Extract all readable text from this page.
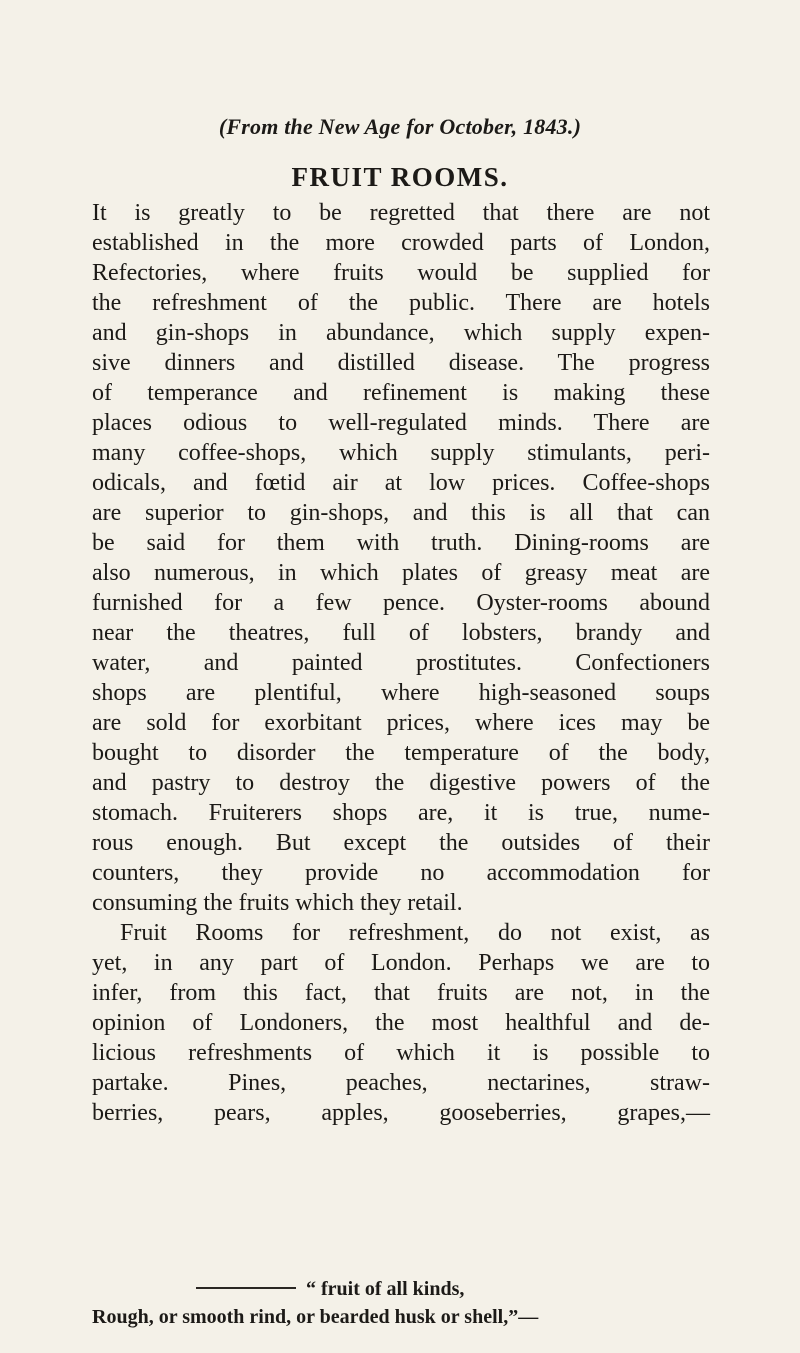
(From the New Age for October, 1843.)
FRUIT ROOMS.
It is greatly to be regretted that there are not
established in the more crowded parts of London,
Refectories, where fruits would be supplied for
the refreshment of the public. There are hotels
and gin-shops in abundance, which supply expen-
sive dinners and distilled disease. The progress
of temperance and refinement is making these
places odious to well-regulated minds. There are
many coffee-shops, which supply stimulants, peri-
odicals, and fœtid air at low prices. Coffee-shops
are superior to gin-shops, and this is all that can
be said for them with truth. Dining-rooms are
also numerous, in which plates of greasy meat are
furnished for a few pence. Oyster-rooms abound
near the theatres, full of lobsters, brandy and
water, and painted prostitutes. Confectioners
shops are plentiful, where high-seasoned soups
are sold for exorbitant prices, where ices may be
bought to disorder the temperature of the body,
and pastry to destroy the digestive powers of the
stomach. Fruiterers shops are, it is true, nume-
rous enough. But except the outsides of their
counters, they provide no accommodation for
consuming the fruits which they retail.
Fruit Rooms for refreshment, do not exist, as
yet, in any part of London. Perhaps we are to
infer, from this fact, that fruits are not, in the
opinion of Londoners, the most healthful and de-
licious refreshments of which it is possible to
partake. Pines, peaches, nectarines, straw-
berries, pears, apples, gooseberries, grapes,—
“ fruit of all kinds,
Rough, or smooth rind, or bearded husk or shell,”—
